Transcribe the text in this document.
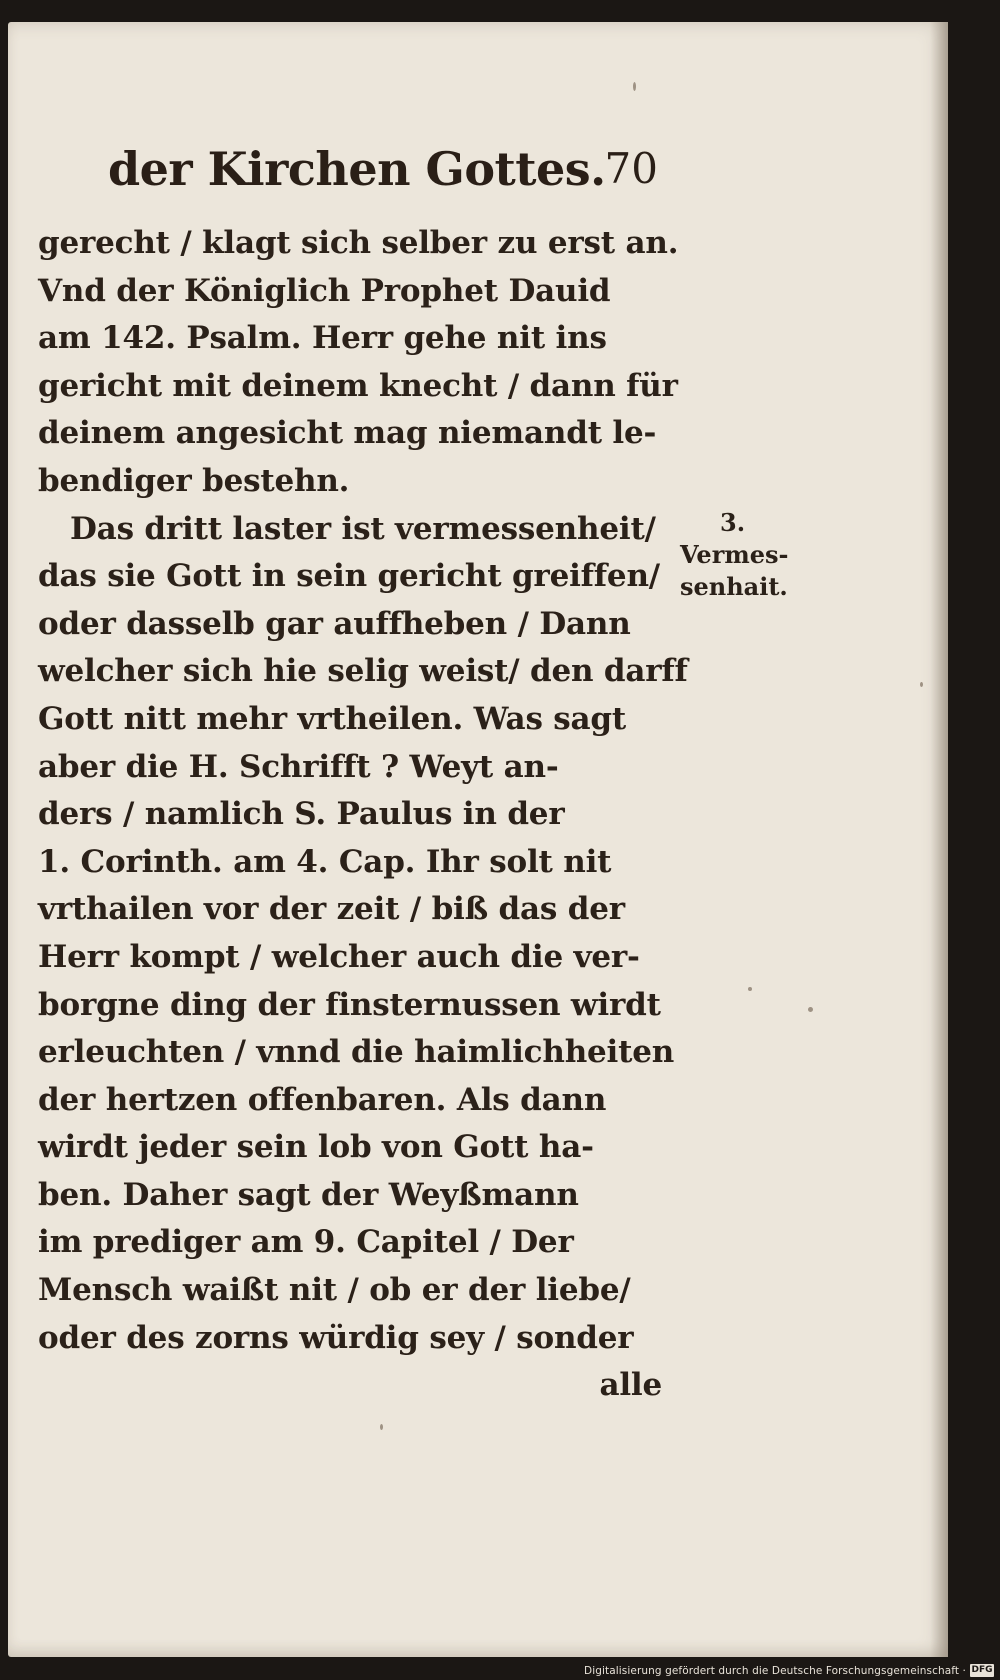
der Kirchen Gottes.
70
gerecht / klagt sich selber zu erst an.
Vnd der Königlich Prophet Dauid
am 142. Psalm. Herr gehe nit ins
gericht mit deinem knecht / dann für
deinem angesicht mag niemandt le-
bendiger bestehn.
Das dritt laster ist vermessenheit/
das sie Gott in sein gericht greiffen/
oder dasselb gar auffheben / Dann
welcher sich hie selig weist/ den darff
Gott nitt mehr vrtheilen. Was sagt
aber die H. Schrifft ? Weyt an-
ders / namlich S. Paulus in der
1. Corinth. am 4. Cap. Ihr solt nit
vrthailen vor der zeit / biß das der
Herr kompt / welcher auch die ver-
borgne ding der finsternussen wirdt
erleuchten / vnnd die haimlichheiten
der hertzen offenbaren. Als dann
wirdt jeder sein lob von Gott ha-
ben. Daher sagt der Weyßmann
im prediger am 9. Capitel / Der
Mensch waißt nit / ob er der liebe/
oder des zorns würdig sey / sonder
alle
3.
Vermes-
senhait.
Digitalisierung gefördert durch die Deutsche Forschungsgemeinschaft · DFG
